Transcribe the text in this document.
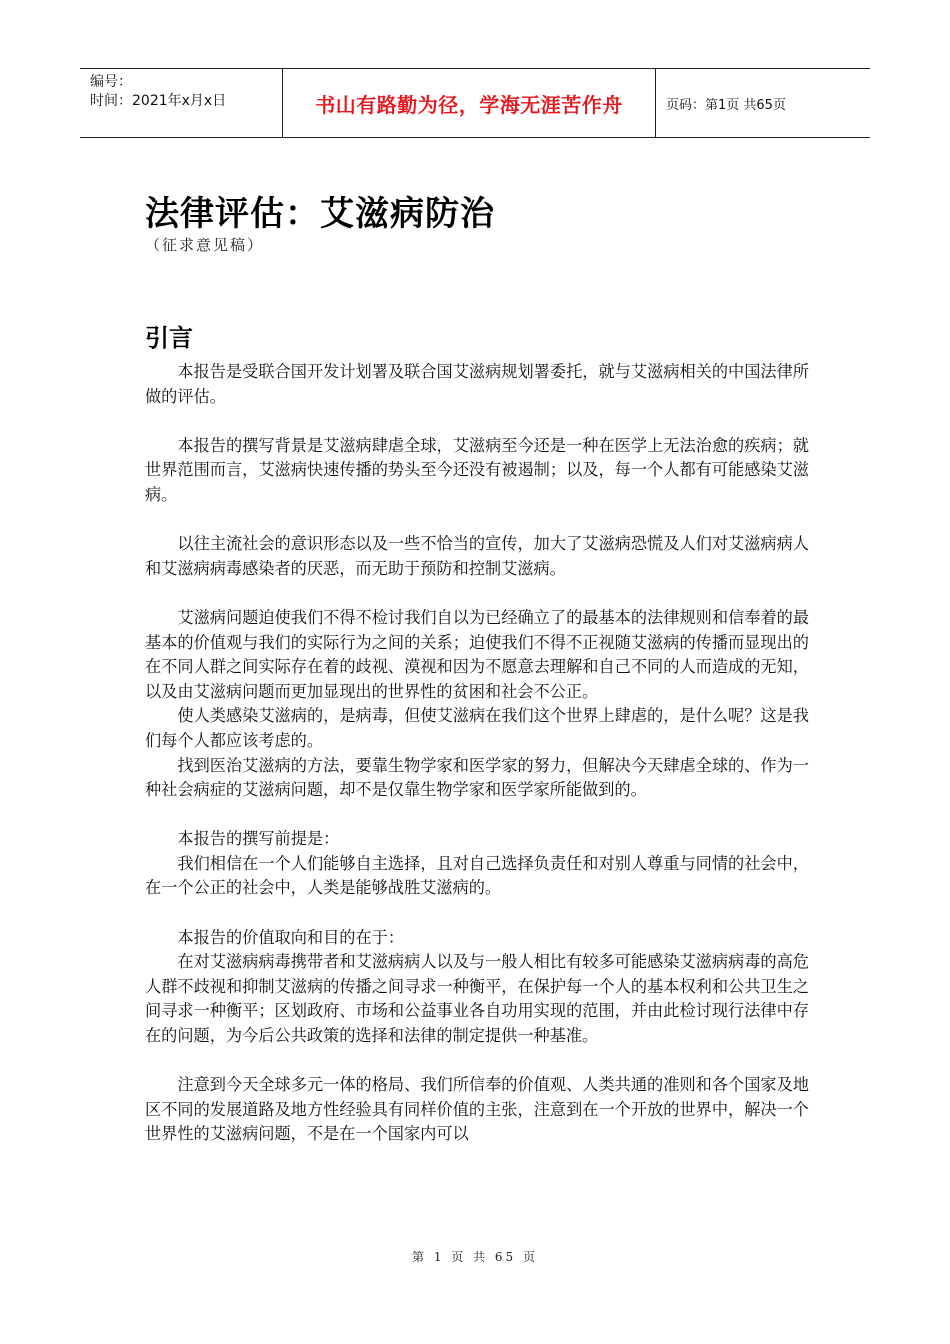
编号：
时间：2021年x月x日	书山有路勤为径，学海无涯苦作舟	页码：第1页 共65页
法律评估：艾滋病防治
（征求意见稿）
引言

本报告是受联合国开发计划署及联合国艾滋病规划署委托，就与艾滋病相关的中国法律所做的评估。

本报告的撰写背景是艾滋病肆虐全球，艾滋病至今还是一种在医学上无法治愈的疾病；就世界范围而言，艾滋病快速传播的势头至今还没有被遏制；以及，每一个人都有可能感染艾滋病。

以往主流社会的意识形态以及一些不恰当的宣传，加大了艾滋病恐慌及人们对艾滋病病人和艾滋病病毒感染者的厌恶，而无助于预防和控制艾滋病。

艾滋病问题迫使我们不得不检讨我们自以为已经确立了的最基本的法律规则和信奉着的最基本的价值观与我们的实际行为之间的关系；迫使我们不得不正视随艾滋病的传播而显现出的在不同人群之间实际存在着的歧视、漠视和因为不愿意去理解和自己不同的人而造成的无知，以及由艾滋病问题而更加显现出的世界性的贫困和社会不公正。

使人类感染艾滋病的，是病毒，但使艾滋病在我们这个世界上肆虐的，是什么呢？这是我们每个人都应该考虑的。

找到医治艾滋病的方法，要靠生物学家和医学家的努力，但解决今天肆虐全球的、作为一种社会病症的艾滋病问题，却不是仅靠生物学家和医学家所能做到的。

本报告的撰写前提是：

我们相信在一个人们能够自主选择，且对自己选择负责任和对别人尊重与同情的社会中，在一个公正的社会中，人类是能够战胜艾滋病的。

本报告的价值取向和目的在于：

在对艾滋病病毒携带者和艾滋病病人以及与一般人相比有较多可能感染艾滋病病毒的高危人群不歧视和抑制艾滋病的传播之间寻求一种衡平，在保护每一个人的基本权利和公共卫生之间寻求一种衡平；区划政府、市场和公益事业各自功用实现的范围，并由此检讨现行法律中存在的问题，为今后公共政策的选择和法律的制定提供一种基准。

注意到今天全球多元一体的格局、我们所信奉的价值观、人类共通的准则和各个国家及地区不同的发展道路及地方性经验具有同样价值的主张，注意到在一个开放的世界中，解决一个世界性的艾滋病问题，不是在一个国家内可以

第 1 页 共 65 页
